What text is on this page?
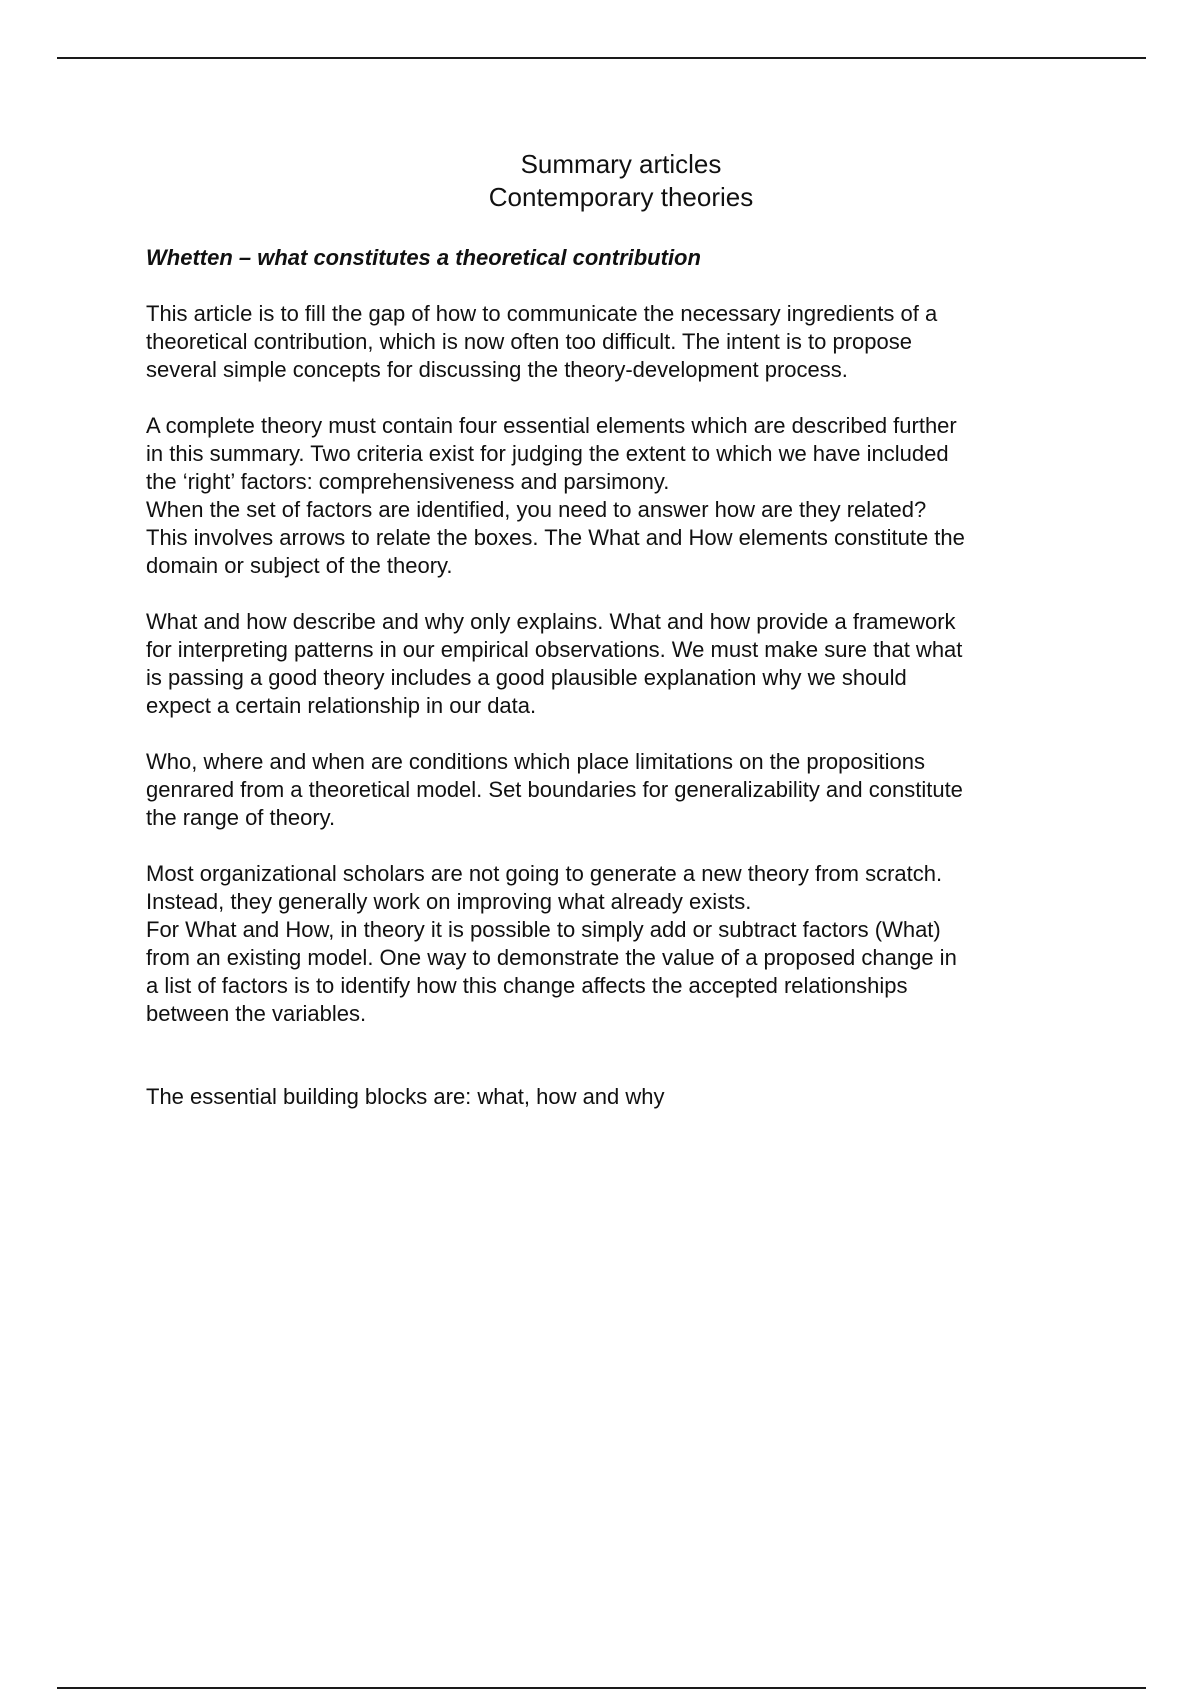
Summary articles
Contemporary theories
Whetten – what constitutes a theoretical contribution
This article is to fill the gap of how to communicate the necessary ingredients of a
theoretical contribution, which is now often too difficult. The intent is to propose
several simple concepts for discussing the theory-development process.
A complete theory must contain four essential elements which are described further
in this summary. Two criteria exist for judging the extent to which we have included
the ‘right’ factors: comprehensiveness and parsimony.
When the set of factors are identified, you need to answer how are they related?
This involves arrows to relate the boxes. The What and How elements constitute the
domain or subject of the theory.
What and how describe and why only explains. What and how provide a framework
for interpreting patterns in our empirical observations. We must make sure that what
is passing a good theory includes a good plausible explanation why we should
expect a certain relationship in our data.
Who, where and when are conditions which place limitations on the propositions
genrared from a theoretical model. Set boundaries for generalizability and constitute
the range of theory.
Most organizational scholars are not going to generate a new theory from scratch.
Instead, they generally work on improving what already exists.
For What and How, in theory it is possible to simply add or subtract factors (What)
from an existing model. One way to demonstrate the value of a proposed change in
a list of factors is to identify how this change affects the accepted relationships
between the variables.
The essential building blocks are: what, how and why
